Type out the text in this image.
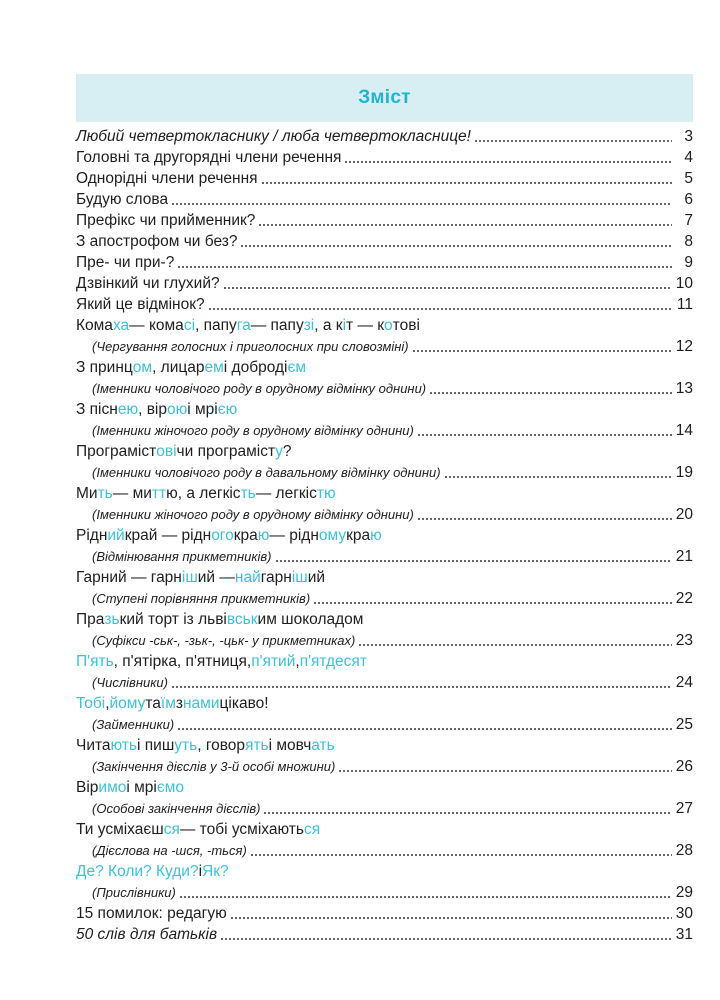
Зміст
Любий четвертокласнику / люба четвертокласнице!	3
Головні та другорядні члени речення	4
Однорідні члени речення	5
Будую слова	6
Префікс чи прийменник?	7
З апострофом чи без?	8
Пре- чи при-?	9
Дзвінкий чи глухий?	10
Який це відмінок?	11
Кома ха — кома сі , папу га — папу зі , а к і т — к о тові
(Чергування голосних і приголосних при словозміні)	12
З принц ом , лицар ем і добродi єм
(Іменники чоловічого роду в орудному відмінку однини)	13
З пісн ею , вір ою і мрі єю
(Іменники жіночого роду в орудному відмінку однини)	14
Програміст ові чи програміст у ?
(Іменники чоловічого роду в давальному відмінку однини)	19
Ми ть — ми тт ю, а легкіс ть — легкіс тю
(Іменники жіночого роду в орудному відмінку однини)	20
Рідн ий край — рідн ого кра ю — рідн ому кра ю
(Відмінювання прикметників)	21
Гарний — гарн іш ий — най гарн іш ий
(Ступені порівняння прикметників)	22
Пра зь кий торт із льві вськ им шоколадом
(Суфікси -ськ-, -зьк-, -цьк- у прикметниках)	23
П'ять , п'ятірка, п'ятниця, п'ятий , п'ятдесят
(Числівники)	24
Тобі , йому та їм з нами цікаво!
(Займенники)	25
Чита ють і пиш уть , говор ять і мовч ать
(Закінчення дієслів у 3-й особі множини)	26
Вір имо і мрі ємо
(Особові закінчення дієслів)	27
Ти усміхаєш ся — тобі усміхають ся
(Дієслова на -шся, -ться)	28
Де? Коли? Куди? і Як?
(Прислівники)	29
15 помилок: редагую	30
50 слів для батьків	31
